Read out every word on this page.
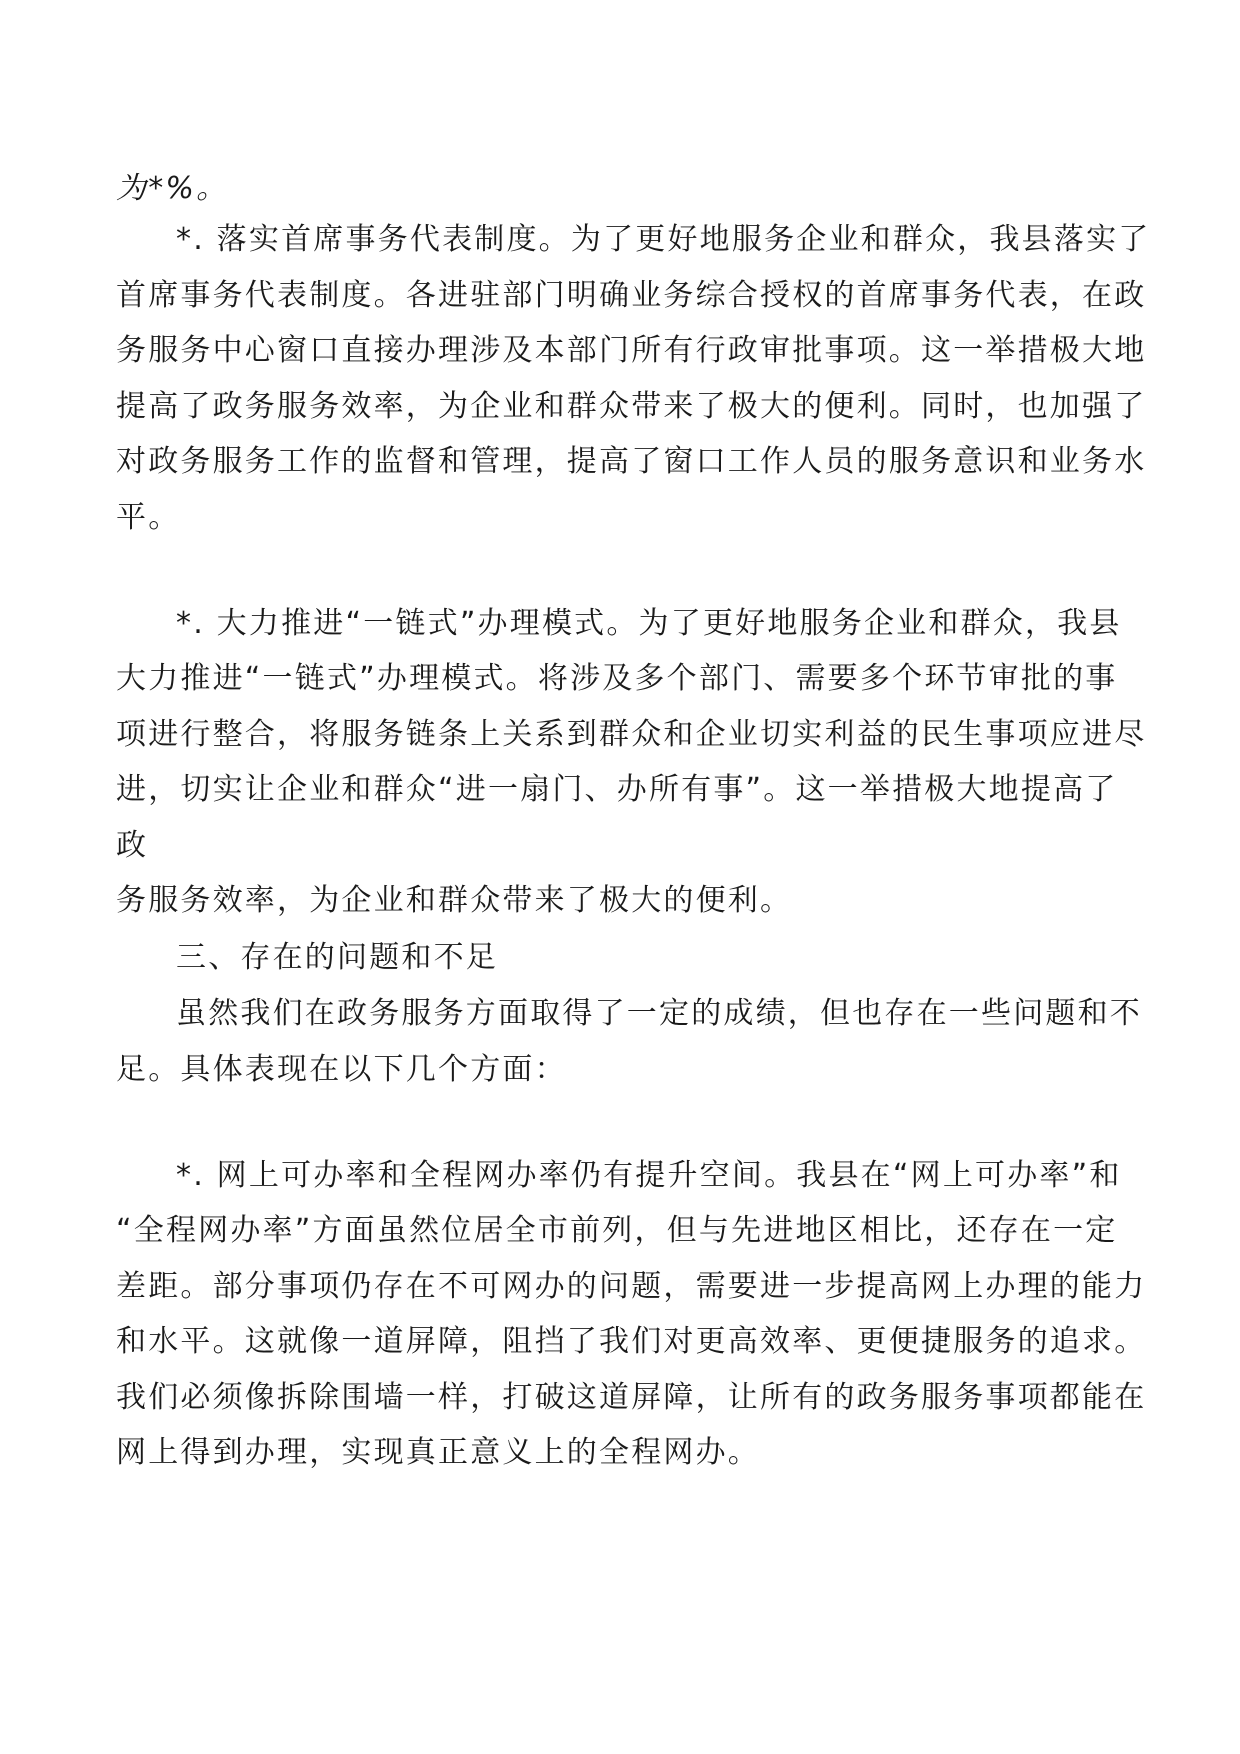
为*%。
*. 落实首席事务代表制度。为了更好地服务企业和群众，我县落实了
首席事务代表制度。各进驻部门明确业务综合授权的首席事务代表，在政
务服务中心窗口直接办理涉及本部门所有行政审批事项。这一举措极大地
提高了政务服务效率，为企业和群众带来了极大的便利。同时，也加强了
对政务服务工作的监督和管理，提高了窗口工作人员的服务意识和业务水
平。
*. 大力推进“一链式”办理模式。为了更好地服务企业和群众，我县
大力推进“一链式”办理模式。将涉及多个部门、需要多个环节审批的事
项进行整合，将服务链条上关系到群众和企业切实利益的民生事项应进尽
进，切实让企业和群众“进一扇门、办所有事”。这一举措极大地提高了
政
务服务效率，为企业和群众带来了极大的便利。
三、存在的问题和不足
虽然我们在政务服务方面取得了一定的成绩，但也存在一些问题和不
足。具体表现在以下几个方面：
*. 网上可办率和全程网办率仍有提升空间。我县在“网上可办率”和
“全程网办率”方面虽然位居全市前列，但与先进地区相比，还存在一定
差距。部分事项仍存在不可网办的问题，需要进一步提高网上办理的能力
和水平。这就像一道屏障，阻挡了我们对更高效率、更便捷服务的追求。
我们必须像拆除围墙一样，打破这道屏障，让所有的政务服务事项都能在
网上得到办理，实现真正意义上的全程网办。
